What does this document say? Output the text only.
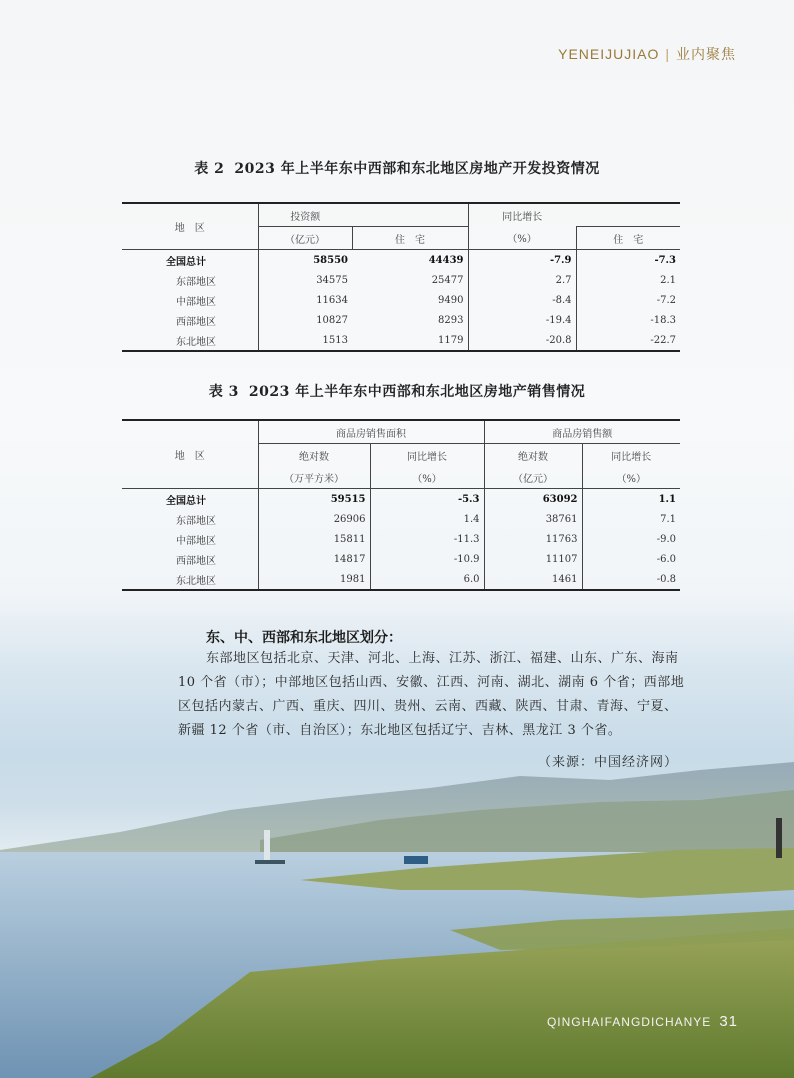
YENEIJUJIAO | 业内聚焦
表 2 2023 年上半年东中西部和东北地区房地产开发投资情况
地　区	投资额		同比增长	
	（亿元）	住　宅	（%）	住　宅
全国总计	58550	44439	-7.9	-7.3
东部地区	34575	25477	2.7	2.1
中部地区	11634	9490	-8.4	-7.2
西部地区	10827	8293	-19.4	-18.3
东北地区	1513	1179	-20.8	-22.7
表 3 2023 年上半年东中西部和东北地区房地产销售情况
地　区	商品房销售面积		商品房销售额	
	绝对数	同比增长	绝对数	同比增长
	（万平方米）	（%）	（亿元）	（%）
全国总计	59515	-5.3	63092	1.1
东部地区	26906	1.4	38761	7.1
中部地区	15811	-11.3	11763	-9.0
西部地区	14817	-10.9	11107	-6.0
东北地区	1981	6.0	1461	-0.8
东、中、西部和东北地区划分：
东部地区包括北京、天津、河北、上海、江苏、浙江、福建、山东、广东、海南 10 个省（市）；中部地区包括山西、安徽、江西、河南、湖北、湖南 6 个省；西部地区包括内蒙古、广西、重庆、四川、贵州、云南、西藏、陕西、甘肃、青海、宁夏、新疆 12 个省（市、自治区）；东北地区包括辽宁、吉林、黑龙江 3 个省。
（来源：中国经济网）
QINGHAIFANGDICHANYE 31
